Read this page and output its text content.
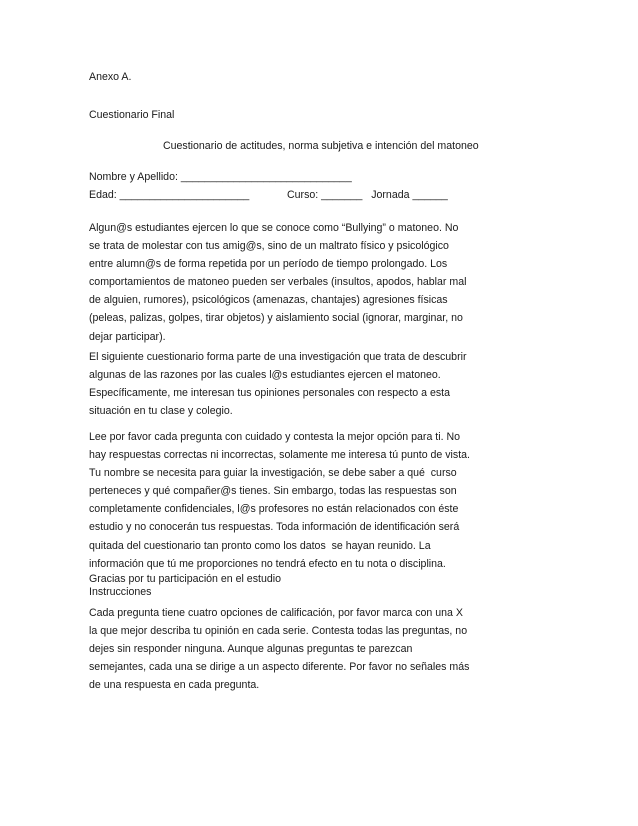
Anexo A.
Cuestionario Final
Cuestionario de actitudes, norma subjetiva e intención del matoneo
Nombre y Apellido: _____________________________
Edad: ______________________	Curso: _______   Jornada ______
Algun@s estudiantes ejercen lo que se conoce como “Bullying” o matoneo. No
se trata de molestar con tus amig@s, sino de un maltrato físico y psicológico
entre alumn@s de forma repetida por un período de tiempo prolongado. Los
comportamientos de matoneo pueden ser verbales (insultos, apodos, hablar mal
de alguien, rumores), psicológicos (amenazas, chantajes) agresiones físicas
(peleas, palizas, golpes, tirar objetos) y aislamiento social (ignorar, marginar, no
dejar participar).
El siguiente cuestionario forma parte de una investigación que trata de descubrir
algunas de las razones por las cuales l@s estudiantes ejercen el matoneo.
Específicamente, me interesan tus opiniones personales con respecto a esta
situación en tu clase y colegio.
Lee por favor cada pregunta con cuidado y contesta la mejor opción para ti. No
hay respuestas correctas ni incorrectas, solamente me interesa tú punto de vista.
Tu nombre se necesita para guiar la investigación, se debe saber a qué  curso
perteneces y qué compañer@s tienes. Sin embargo, todas las respuestas son
completamente confidenciales, l@s profesores no están relacionados con éste
estudio y no conocerán tus respuestas. Toda información de identificación será
quitada del cuestionario tan pronto como los datos  se hayan reunido. La
información que tú me proporciones no tendrá efecto en tu nota o disciplina.
Gracias por tu participación en el estudio
Instrucciones
Cada pregunta tiene cuatro opciones de calificación, por favor marca con una X
la que mejor describa tu opinión en cada serie. Contesta todas las preguntas, no
dejes sin responder ninguna. Aunque algunas preguntas te parezcan
semejantes, cada una se dirige a un aspecto diferente. Por favor no señales más
de una respuesta en cada pregunta.
